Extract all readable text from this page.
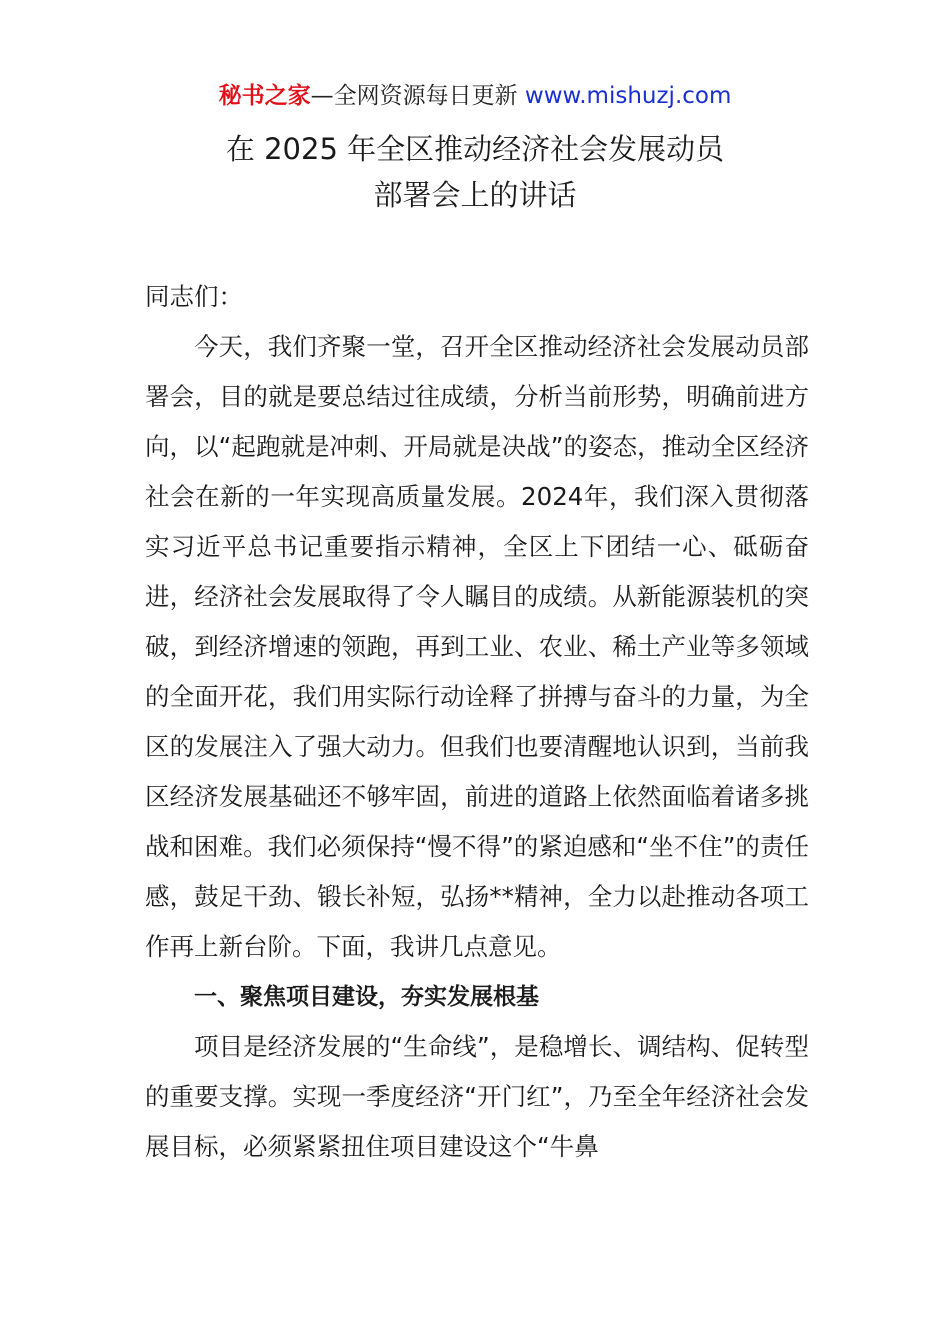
秘书之家—全网资源每日更新 www.mishuzj.com
在 2025 年全区推动经济社会发展动员
部署会上的讲话

同志们：

今天，我们齐聚一堂，召开全区推动经济社会发展动员部署会，目的就是要总结过往成绩，分析当前形势，明确前进方向，以“起跑就是冲刺、开局就是决战”的姿态，推动全区经济社会在新的一年实现高质量发展。2024年，我们深入贯彻落实习近平总书记重要指示精神，全区上下团结一心、砥砺奋进，经济社会发展取得了令人瞩目的成绩。从新能源装机的突破，到经济增速的领跑，再到工业、农业、稀土产业等多领域的全面开花，我们用实际行动诠释了拼搏与奋斗的力量，为全区的发展注入了强大动力。但我们也要清醒地认识到，当前我区经济发展基础还不够牢固，前进的道路上依然面临着诸多挑战和困难。我们必须保持“慢不得”的紧迫感和“坐不住”的责任感，鼓足干劲、锻长补短，弘扬**精神，全力以赴推动各项工作再上新台阶。下面，我讲几点意见。

一、聚焦项目建设，夯实发展根基

项目是经济发展的“生命线”，是稳增长、调结构、促转型的重要支撑。实现一季度经济“开门红”，乃至全年经济社会发展目标，必须紧紧扭住项目建设这个“牛鼻
